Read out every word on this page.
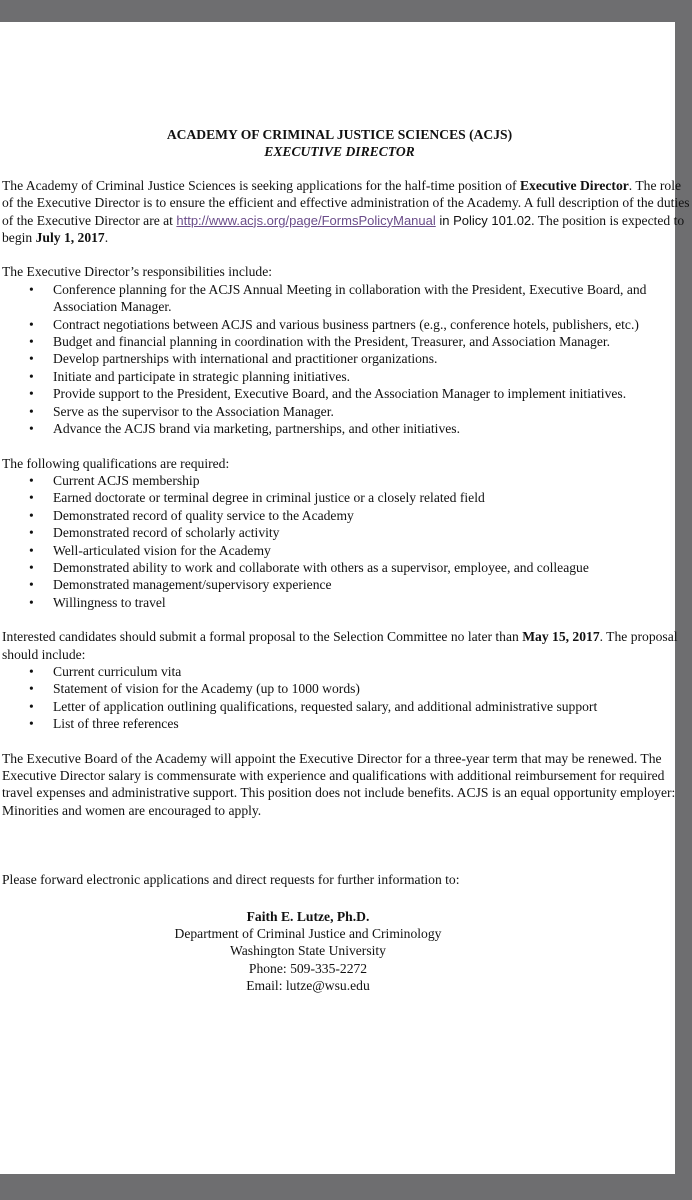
ACADEMY OF CRIMINAL JUSTICE SCIENCES (ACJS)
EXECUTIVE DIRECTOR

The Academy of Criminal Justice Sciences is seeking applications for the half-time position of Executive Director. The role of the Executive Director is to ensure the efficient and effective administration of the Academy. A full description of the duties of the Executive Director are at http://www.acjs.org/page/FormsPolicyManual in Policy 101.02. The position is expected to begin July 1, 2017.

The Executive Director’s responsibilities include:

• Conference planning for the ACJS Annual Meeting in collaboration with the President, Executive Board, and Association Manager.
• Contract negotiations between ACJS and various business partners (e.g., conference hotels, publishers, etc.)
• Budget and financial planning in coordination with the President, Treasurer, and Association Manager.
• Develop partnerships with international and practitioner organizations.
• Initiate and participate in strategic planning initiatives.
• Provide support to the President, Executive Board, and the Association Manager to implement initiatives.
• Serve as the supervisor to the Association Manager.
• Advance the ACJS brand via marketing, partnerships, and other initiatives.

The following qualifications are required:

• Current ACJS membership
• Earned doctorate or terminal degree in criminal justice or a closely related field
• Demonstrated record of quality service to the Academy
• Demonstrated record of scholarly activity
• Well-articulated vision for the Academy
• Demonstrated ability to work and collaborate with others as a supervisor, employee, and colleague
• Demonstrated management/supervisory experience
• Willingness to travel

Interested candidates should submit a formal proposal to the Selection Committee no later than May 15, 2017. The proposal should include:

• Current curriculum vita
• Statement of vision for the Academy (up to 1000 words)
• Letter of application outlining qualifications, requested salary, and additional administrative support
• List of three references

The Executive Board of the Academy will appoint the Executive Director for a three-year term that may be renewed. The Executive Director salary is commensurate with experience and qualifications with additional reimbursement for required travel expenses and administrative support. This position does not include benefits. ACJS is an equal opportunity employer: Minorities and women are encouraged to apply.

Please forward electronic applications and direct requests for further information to:

Faith E. Lutze, Ph.D.
Department of Criminal Justice and Criminology
Washington State University
Phone: 509-335-2272
Email: lutze@wsu.edu
